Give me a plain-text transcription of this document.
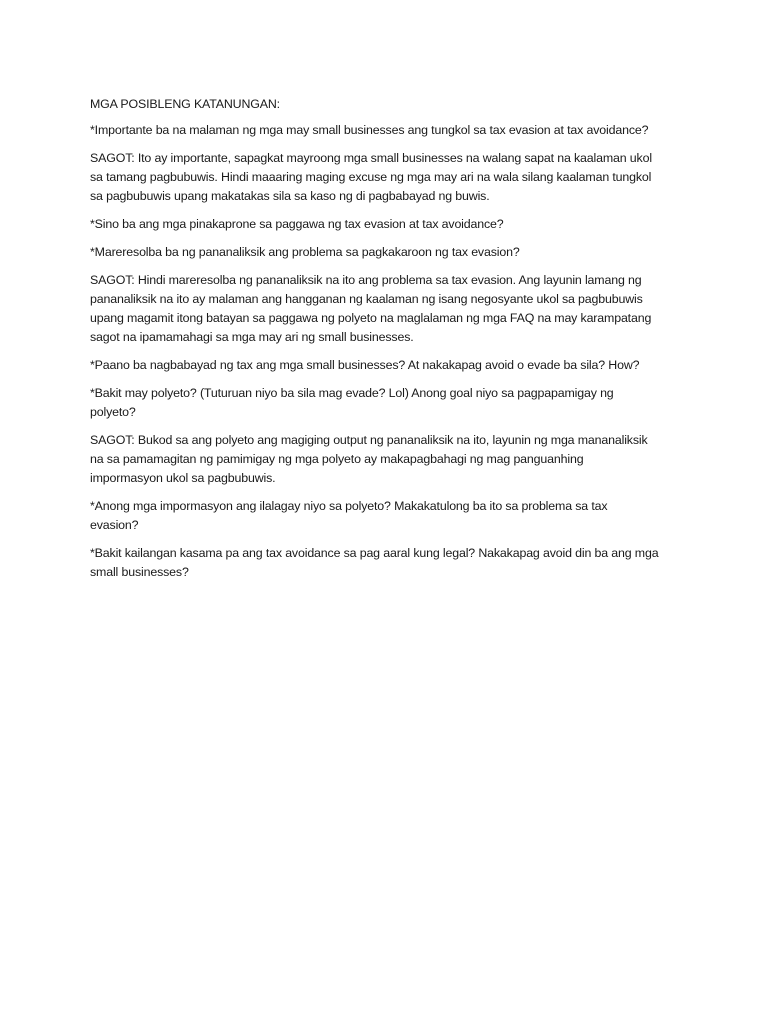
MGA POSIBLENG KATANUNGAN:

*Importante ba na malaman ng mga may small businesses ang tungkol sa tax evasion at tax avoidance?

SAGOT: Ito ay importante, sapagkat mayroong mga small businesses na walang sapat na kaalaman ukol
sa tamang pagbubuwis. Hindi maaaring maging excuse ng mga may ari na wala silang kaalaman tungkol
sa pagbubuwis upang makatakas sila sa kaso ng di pagbabayad ng buwis.

*Sino ba ang mga pinakaprone sa paggawa ng tax evasion at tax avoidance?

*Mareresolba ba ng pananaliksik ang problema sa pagkakaroon ng tax evasion?

SAGOT: Hindi mareresolba ng pananaliksik na ito ang problema sa tax evasion. Ang layunin lamang ng
pananaliksik na ito ay malaman ang hangganan ng kaalaman ng isang negosyante ukol sa pagbubuwis
upang magamit itong batayan sa paggawa ng polyeto na maglalaman ng mga FAQ na may karampatang
sagot na ipamamahagi sa mga may ari ng small businesses.

*Paano ba nagbabayad ng tax ang mga small businesses? At nakakapag avoid o evade ba sila? How?

*Bakit may polyeto? (Tuturuan niyo ba sila mag evade? Lol) Anong goal niyo sa pagpapamigay ng
polyeto?

SAGOT: Bukod sa ang polyeto ang magiging output ng pananaliksik na ito, layunin ng mga mananaliksik
na sa pamamagitan ng pamimigay ng mga polyeto ay makapagbahagi ng mag panguanhing
impormasyon ukol sa pagbubuwis.

*Anong mga impormasyon ang ilalagay niyo sa polyeto? Makakatulong ba ito sa problema sa tax
evasion?

*Bakit kailangan kasama pa ang tax avoidance sa pag aaral kung legal? Nakakapag avoid din ba ang mga
small businesses?
